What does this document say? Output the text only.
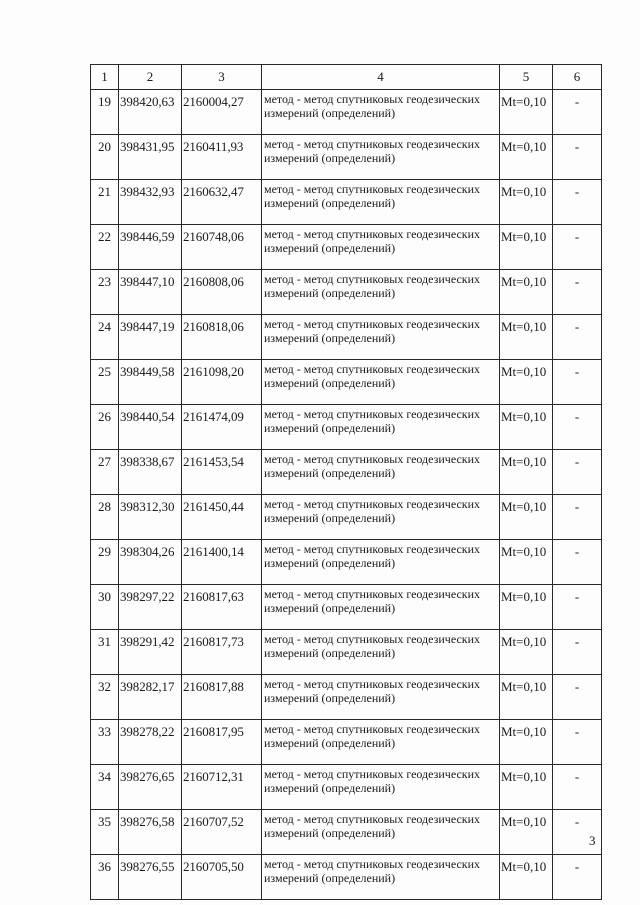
1	2	3	4	5	6
19	398420,63	2160004,27	метод - метод спутниковых геодезических измерений (определений)	Mt=0,10	-
20	398431,95	2160411,93	метод - метод спутниковых геодезических измерений (определений)	Mt=0,10	-
21	398432,93	2160632,47	метод - метод спутниковых геодезических измерений (определений)	Mt=0,10	-
22	398446,59	2160748,06	метод - метод спутниковых геодезических измерений (определений)	Mt=0,10	-
23	398447,10	2160808,06	метод - метод спутниковых геодезических измерений (определений)	Mt=0,10	-
24	398447,19	2160818,06	метод - метод спутниковых геодезических измерений (определений)	Mt=0,10	-
25	398449,58	2161098,20	метод - метод спутниковых геодезических измерений (определений)	Mt=0,10	-
26	398440,54	2161474,09	метод - метод спутниковых геодезических измерений (определений)	Mt=0,10	-
27	398338,67	2161453,54	метод - метод спутниковых геодезических измерений (определений)	Mt=0,10	-
28	398312,30	2161450,44	метод - метод спутниковых геодезических измерений (определений)	Mt=0,10	-
29	398304,26	2161400,14	метод - метод спутниковых геодезических измерений (определений)	Mt=0,10	-
30	398297,22	2160817,63	метод - метод спутниковых геодезических измерений (определений)	Mt=0,10	-
31	398291,42	2160817,73	метод - метод спутниковых геодезических измерений (определений)	Mt=0,10	-
32	398282,17	2160817,88	метод - метод спутниковых геодезических измерений (определений)	Mt=0,10	-
33	398278,22	2160817,95	метод - метод спутниковых геодезических измерений (определений)	Mt=0,10	-
34	398276,65	2160712,31	метод - метод спутниковых геодезических измерений (определений)	Mt=0,10	-
35	398276,58	2160707,52	метод - метод спутниковых геодезических измерений (определений)	Mt=0,10	-
36	398276,55	2160705,50	метод - метод спутниковых геодезических измерений (определений)	Mt=0,10	-
3
